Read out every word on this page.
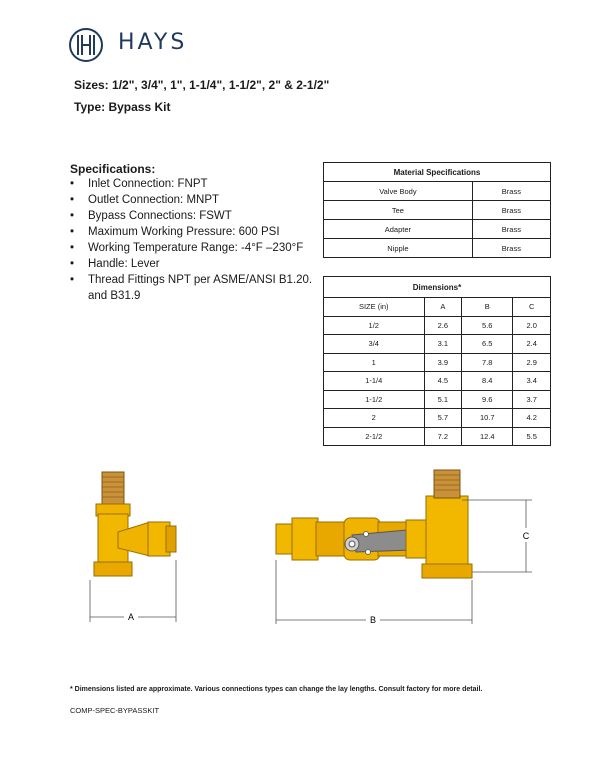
HAYS
Sizes: 1/2", 3/4", 1", 1-1/4", 1-1/2", 2" & 2-1/2"
Type: Bypass Kit
Specifications:
• Inlet Connection: FNPT
• Outlet Connection: MNPT
• Bypass Connections: FSWT
• Maximum Working Pressure: 600 PSI
• Working Temperature Range: -4°F –230°F
• Handle: Lever
• Thread Fittings NPT per ASME/ANSI B1.20. and B31.9
Material Specifications	
Valve Body	Brass
Tee	Brass
Adapter	Brass
Nipple	Brass
Dimensions*			
SIZE (in)	A	B	C
1/2	2.6	5.6	2.0
3/4	3.1	6.5	2.4
1	3.9	7.8	2.9
1-1/4	4.5	8.4	3.4
1-1/2	5.1	9.6	3.7
2	5.7	10.7	4.2
2-1/2	7.2	12.4	5.5
A	B
C
* Dimensions listed are approximate. Various connections types can change the lay lengths. Consult factory for more detail.
COMP-SPEC-BYPASSKIT
